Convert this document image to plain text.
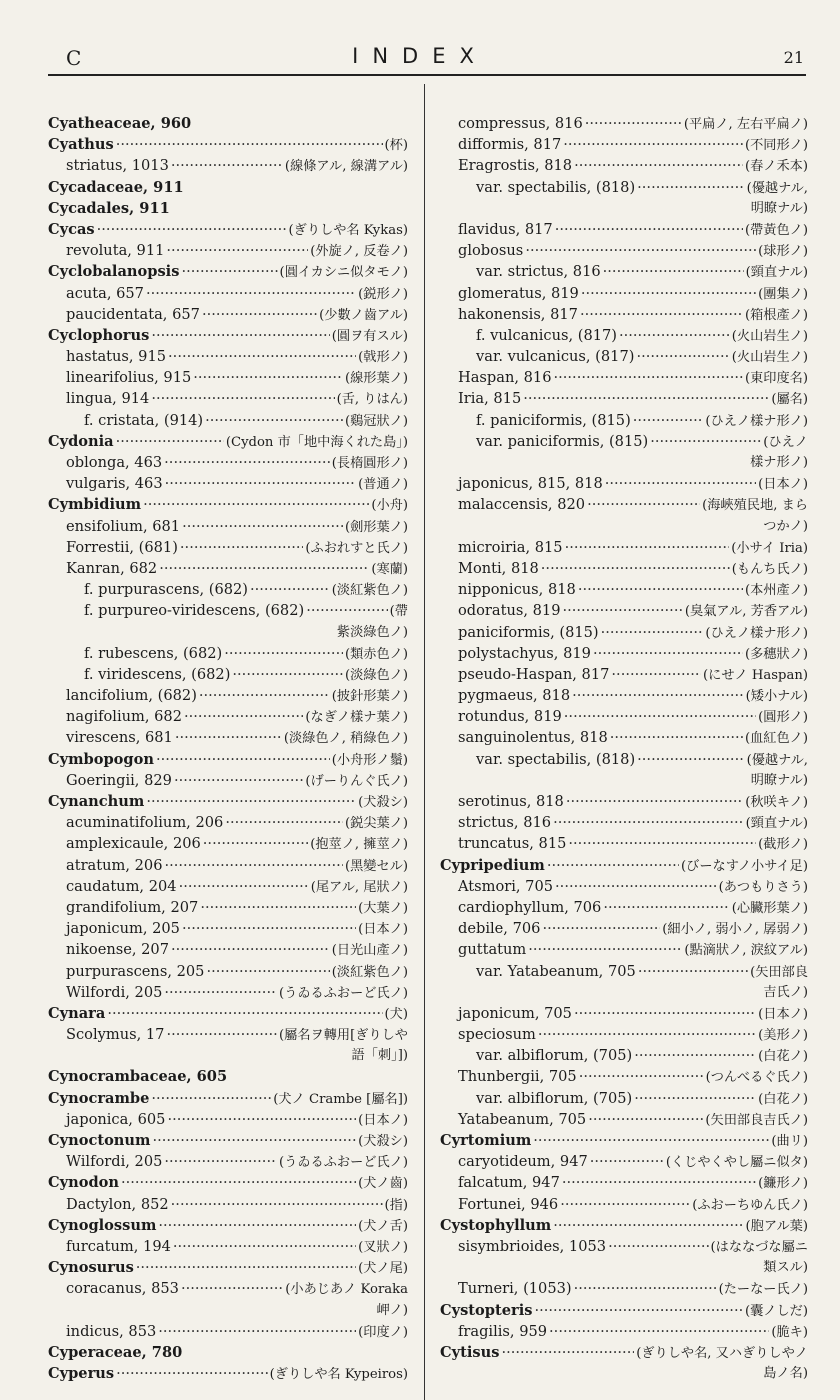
C	INDEX	21
Cyatheaceae, 960
Cyathus ·····	(杯)
striatus, 1013 ·····	(線條アル, 線溝アル)
Cycadaceae, 911
Cycadales, 911
Cycas ·····	(ぎりしや名 Kykas)
revoluta, 911 ·····	(外旋ノ, 反卷ノ)
Cyclobalanopsis ·····	(圓イカシニ似タモノ)
acuta, 657 ·····	(鋭形ノ)
paucidentata, 657 ·····	(少數ノ齒アル)
Cyclophorus ·····	(圓ヲ有スル)
hastatus, 915 ·····	(戟形ノ)
linearifolius, 915 ·····	(線形葉ノ)
lingua, 914 ·····	(舌, りはん)
f. cristata, (914) ·····	(鷄冠狀ノ)
Cydonia ·····	(Cydon 市「地中海くれた島」)
oblonga, 463 ·····	(長楕圓形ノ)
vulgaris, 463 ·····	(普通ノ)
Cymbidium ·····	(小舟)
ensifolium, 681 ·····	(劍形葉ノ)
Forrestii, (681) ·····	(ふおれすと氏ノ)
Kanran, 682 ·····	(寒蘭)
f. purpurascens, (682) ·····	(淡紅紫色ノ)
f. purpureo-viridescens, (682) ·····	(帶
紫淡綠色ノ)
f. rubescens, (682) ·····	(類赤色ノ)
f. viridescens, (682) ·····	(淡綠色ノ)
lancifolium, (682) ·····	(披針形葉ノ)
nagifolium, 682 ·····	(なぎノ樣ナ葉ノ)
virescens, 681 ·····	(淡綠色ノ, 稍綠色ノ)
Cymbopogon ·····	(小舟形ノ鬚)
Goeringii, 829 ·····	(げーりんぐ氏ノ)
Cynanchum ·····	(犬殺シ)
acuminatifolium, 206 ·····	(鋭尖葉ノ)
amplexicaule, 206 ·····	(抱莖ノ, 擁莖ノ)
atratum, 206 ·····	(黑變セル)
caudatum, 204 ·····	(尾アル, 尾狀ノ)
grandifolium, 207 ·····	(大葉ノ)
japonicum, 205 ·····	(日本ノ)
nikoense, 207 ·····	(日光山產ノ)
purpurascens, 205 ·····	(淡紅紫色ノ)
Wilfordi, 205 ·····	(うゐるふおーど氏ノ)
Cynara ·····	(犬)
Scolymus, 17 ·····	(屬名ヲ轉用[ぎりしや
語「刺」])
Cynocrambaceae, 605
Cynocrambe ·····	(犬ノ Crambe [屬名])
japonica, 605 ·····	(日本ノ)
Cynoctonum ·····	(犬殺シ)
Wilfordi, 205 ·····	(うゐるふおーど氏ノ)
Cynodon ·····	(犬ノ齒)
Dactylon, 852 ·····	(指)
Cynoglossum ·····	(犬ノ舌)
furcatum, 194 ·····	(叉狀ノ)
Cynosurus ·····	(犬ノ尾)
coracanus, 853 ·····	(小あじあノ Koraka
岬ノ)
indicus, 853 ·····	(印度ノ)
Cyperaceae, 780
Cyperus ·····	(ぎりしや名 Kypeiros)
compressus, 816 ·····	(平扁ノ, 左右平扁ノ)
difformis, 817 ·····	(不同形ノ)
Eragrostis, 818 ·····	(春ノ禾本)
var. spectabilis, (818) ·····	(優越ナル,
明瞭ナル)
flavidus, 817 ·····	(帶黃色ノ)
globosus ·····	(球形ノ)
var. strictus, 816 ·····	(頸直ナル)
glomeratus, 819 ·····	(團集ノ)
hakonensis, 817 ·····	(箱根產ノ)
f. vulcanicus, (817) ·····	(火山岩生ノ)
var. vulcanicus, (817) ·····	(火山岩生ノ)
Haspan, 816 ·····	(東印度名)
Iria, 815 ·····	(屬名)
f. paniciformis, (815) ·····	(ひえノ樣ナ形ノ)
var. paniciformis, (815) ·····	(ひえノ
樣ナ形ノ)
japonicus, 815, 818 ·····	(日本ノ)
malaccensis, 820 ·····	(海峽殖民地, まら
つかノ)
microiria, 815 ·····	(小サイ Iria)
Monti, 818 ·····	(もんち氏ノ)
nipponicus, 818 ·····	(本州產ノ)
odoratus, 819 ·····	(臭氣アル, 芳香アル)
paniciformis, (815) ·····	(ひえノ樣ナ形ノ)
polystachyus, 819 ·····	(多穗狀ノ)
pseudo-Haspan, 817 ·····	(にせノ Haspan)
pygmaeus, 818 ·····	(矮小ナル)
rotundus, 819 ·····	(圓形ノ)
sanguinolentus, 818 ·····	(血紅色ノ)
var. spectabilis, (818) ·····	(優越ナル,
明瞭ナル)
serotinus, 818 ·····	(秋咲キノ)
strictus, 816 ·····	(頸直ナル)
truncatus, 815 ·····	(截形ノ)
Cypripedium ·····	(びーなすノ小サイ足)
Atsmori, 705 ·····	(あつもりさう)
cardiophyllum, 706 ·····	(心臟形葉ノ)
debile, 706 ·····	(細小ノ, 弱小ノ, 孱弱ノ)
guttatum ·····	(點滴狀ノ, 淚紋アル)
var. Yatabeanum, 705 ·····	(矢田部良
吉氏ノ)
japonicum, 705 ·····	(日本ノ)
speciosum ·····	(美形ノ)
var. albiflorum, (705) ·····	(白花ノ)
Thunbergii, 705 ·····	(つんべるぐ氏ノ)
var. albiflorum, (705) ·····	(白花ノ)
Yatabeanum, 705 ·····	(矢田部良吉氏ノ)
Cyrtomium ·····	(曲リ)
caryotideum, 947 ·····	(くじやくやし屬ニ似タ)
falcatum, 947 ·····	(鐮形ノ)
Fortunei, 946 ·····	(ふおーちゆん氏ノ)
Cystophyllum ·····	(胞アル葉)
sisymbrioides, 1053 ·····	(はななづな屬ニ
類スル)
Turneri, (1053) ·····	(たーなー氏ノ)
Cystopteris ·····	(囊ノしだ)
fragilis, 959 ·····	(脆キ)
Cytisus ·····	(ぎりしや名, 又ハぎりしやノ
島ノ名)
